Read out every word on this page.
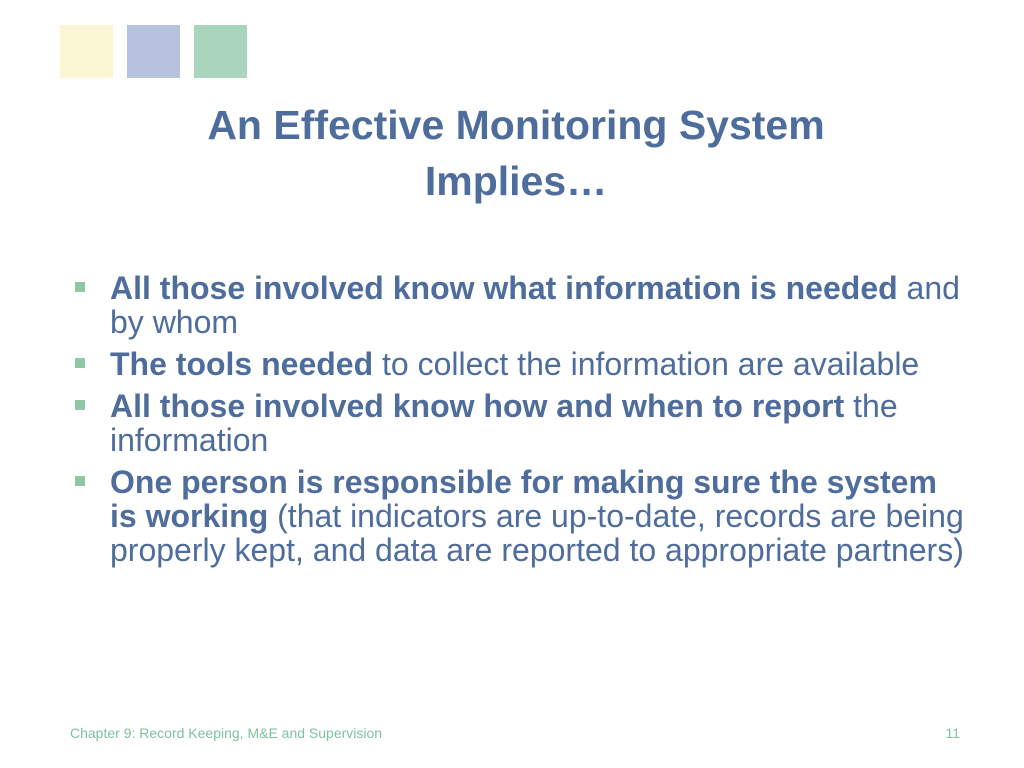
An Effective Monitoring System
Implies…
All those involved know what information is needed and by whom
The tools needed to collect the information are available
All those involved know how and when to report the information
One person is responsible for making sure the system is working (that indicators are up-to-date, records are being properly kept, and data are reported to appropriate partners)
Chapter 9: Record Keeping, M&E and Supervision	11
